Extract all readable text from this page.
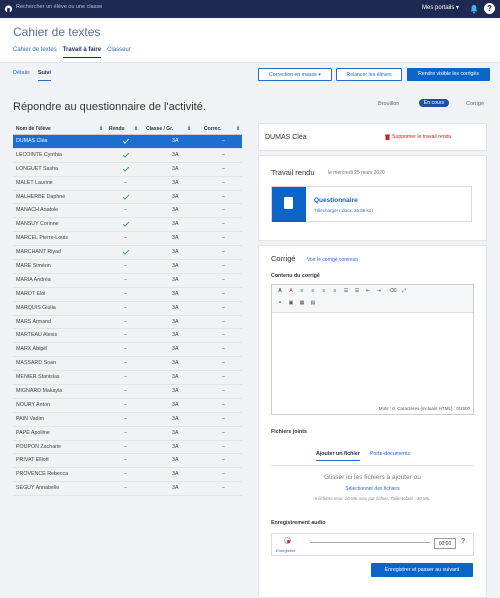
Rechercher un élève ou une classe	Mes portails ▾	?
Cahier de textes
Cahier de textes Travail à faire Classeur
Détails Suivi	Correction en masse ▾	Relancer les élèves	Rendre visible les corrigés
Répondre au questionnaire de l'activité.	Brouillon	En cours	Corrigé
Nom de l'élève	⇕ Rendu ⇕ Classe / Gr.	⇕	Correc.	⇕
DUMAS Cléa	3A	–
LECOINTE Cynthia	3A	–
LONGUET Sasha	3A	–
MALET Laurine	–	3A	–
MALHERBE Daphné	3A	–
MANACH Anatole	–	3A	–
MANSUY Corinne	3A	–
MARCEL Pierre-Louis	–	3A	–
MARCHANT Riyad	3A	–
MARE Siméon	–	3A	–
MARIA Andréa	–	3A	–
MAROT Eloi	–	3A	–
MARQUIS Giulia	–	3A	–
MARS Armand	–	3A	–
MARTEAU Alexis	–	3A	–
MARX Abigël	–	3A	–
MASSARD Soan	–	3A	–
MENIER Stanislas	–	3A	–
MIGNARD Makayla	–	3A	–
NOURY Anton	–	3A	–
PAIN Vadim	–	3A	–
PAPE Apolline	–	3A	–
POUPON Zacharie	–	3A	–
PRIVAT Elliott	–	3A	–
PROVENCE Rebecca	–	3A	–
SEGUY Annabelle	–	3A	–
DUMAS Cléa	Supprimer le travail rendu
Travail rendu	le mercredi 25 mars 2020
Questionnaire
Télécharger (.docx, 26.86 ko)
Corrigé Voir le corrigé commun
Contenu du corrigé
A	A	≡	≡	≡	≡	☰	☰	⇤	⇥	⌫	⤢
⚭	▣	▦	▤
Mots : 0, Caractères (incluant HTML) : 0/1500
Fichiers joints
Ajouter un fichier Porte-documents
Glisser ici les fichiers à ajouter ou
Sélectionner des fichiers
5 fichiers max, 10 Mo max par fichier, Taille totale : 30 Mo.
Enregistrement audio
Enregistrer
00:00	?
Enregistrer et passer au suivant
